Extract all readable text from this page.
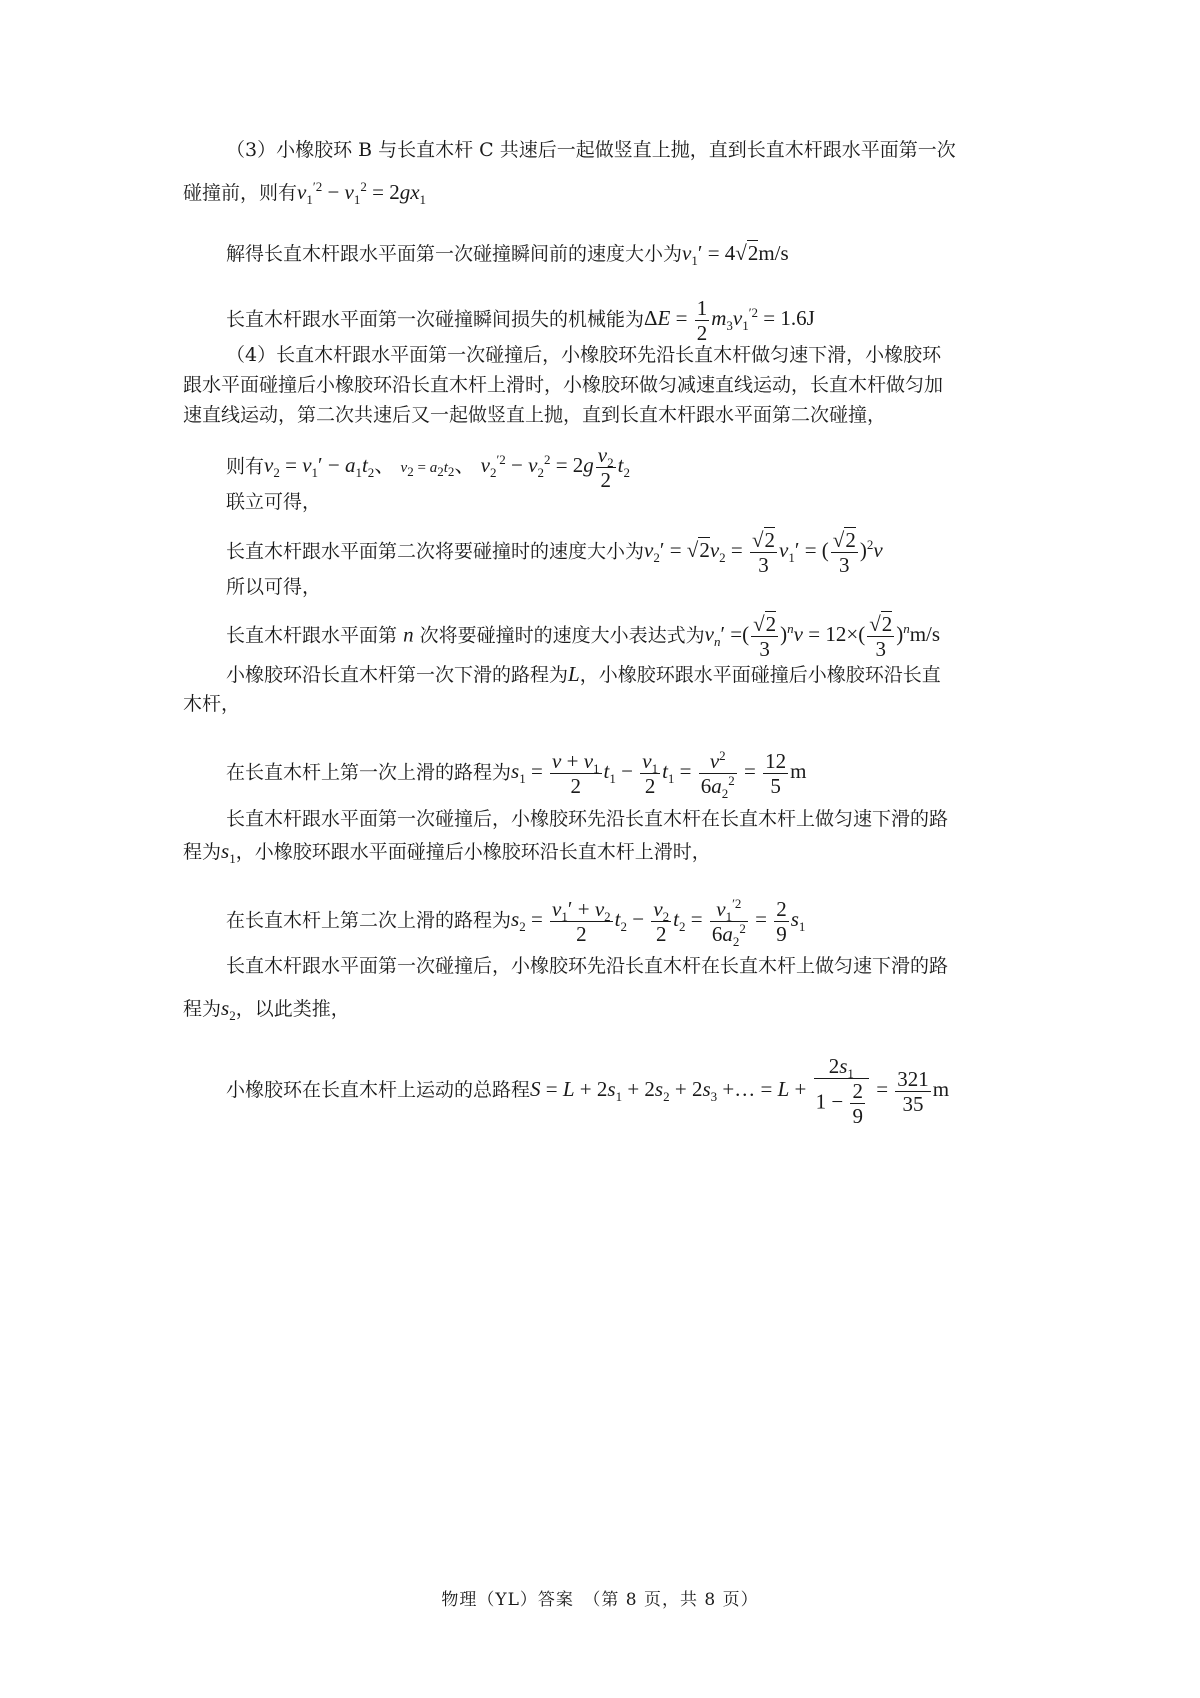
（3）小橡胶环 B 与长直木杆 C 共速后一起做竖直上抛，直到长直木杆跟水平面第一次
碰撞前，则有$v_1^{'2} - v_1^2 = 2gx_1$
解得长直木杆跟水平面第一次碰撞瞬间前的速度大小为$v_1' = 4√2m/s$
长直木杆跟水平面第一次碰撞瞬间损失的机械能为$\Delta E = \frac{1}{2} m_3v_1^{'2} = 1.6J$
（4）长直木杆跟水平面第一次碰撞后，小橡胶环先沿长直木杆做匀速下滑，小橡胶环
跟水平面碰撞后小橡胶环沿长直木杆上滑时，小橡胶环做匀减速直线运动，长直木杆做匀加
速直线运动，第二次共速后又一起做竖直上抛，直到长直木杆跟水平面第二次碰撞，
则有$v_2 = v_1' - a_1t_2$、 $v_2 = a_2t_2$、 $v_2^{'2} - v_2^2 = 2g \frac{v_2}{2} t_2$
联立可得，
长直木杆跟水平面第二次将要碰撞时的速度大小为$v_2' = √2v_2 = \frac{√2}{3} v_1'$ = ( $\frac{√2}{3} )^2v$
所以可得，
长直木杆跟水平面第 n 次将要碰撞时的速度大小表达式为$v_n'$ =( $\frac{√2}{3} )^nv = 12\times( \frac{√2}{3} )^nm/s$
小橡胶环沿长直木杆第一次下滑的路程为L，小橡胶环跟水平面碰撞后小橡胶环沿长直
木杆，
在长直木杆上第一次上滑的路程为$s_1 = \frac{v + v_1}{2} t_1 - \frac{v_1}{2} t_1 = \frac{v^2}{6a_2^2} = \frac{12}{5}$ m
长直木杆跟水平面第一次碰撞后，小橡胶环先沿长直木杆在长直木杆上做匀速下滑的路
程为$s_1$，小橡胶环跟水平面碰撞后小橡胶环沿长直木杆上滑时，
在长直木杆上第二次上滑的路程为$s_2 = \frac{v_1' + v_2}{2} t_2 - \frac{v_2}{2} t_2 = \frac{v_1^{'2}}{6a_2^2} = \frac{2}{9} s_1$
长直木杆跟水平面第一次碰撞后，小橡胶环先沿长直木杆在长直木杆上做匀速下滑的路
程为$s_2$，以此类推，
小橡胶环在长直木杆上运动的总路程$S = L + 2s_1 + 2s_2 + 2s_3$ +… = $L + \frac{2s_1}{1 - \frac{2}{9}} = \frac{321}{35}$ m
物理（YL）答案　（第 8 页，共 8 页）
